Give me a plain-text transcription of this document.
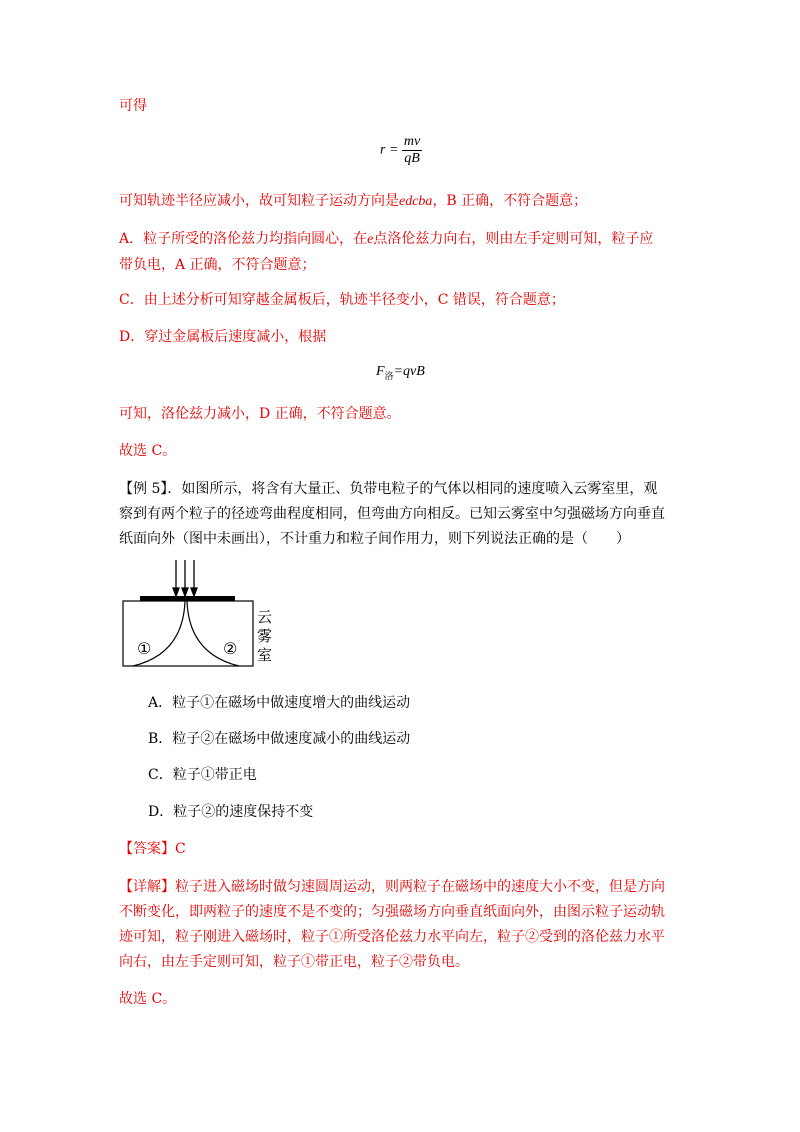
可得
$r = \frac{mv}{qB}$
可知轨迹半径应减小，故可知粒子运动方向是edcba，B 正确，不符合题意；
A．粒子所受的洛伦兹力均指向圆心，在e点洛伦兹力向右，则由左手定则可知，粒子应
带负电，A 正确，不符合题意；
C．由上述分析可知穿越金属板后，轨迹半径变小，C 错误，符合题意；
D．穿过金属板后速度减小，根据
$F_洛=qvB$
可知，洛伦兹力减小，D 正确，不符合题意。
故选 C。
【例 5】．如图所示，将含有大量正、负带电粒子的气体以相同的速度喷入云雾室里，观
察到有两个粒子的径迹弯曲程度相同，但弯曲方向相反。已知云雾室中匀强磁场方向垂直
纸面向外（图中未画出），不计重力和粒子间作用力，则下列说法正确的是（　　）
①	②
云
雾
室
A．粒子①在磁场中做速度增大的曲线运动
B．粒子②在磁场中做速度减小的曲线运动
C．粒子①带正电
D．粒子②的速度保持不变
【答案】C
【详解】粒子进入磁场时做匀速圆周运动，则两粒子在磁场中的速度大小不变，但是方向
不断变化，即两粒子的速度不是不变的；匀强磁场方向垂直纸面向外，由图示粒子运动轨
迹可知，粒子刚进入磁场时，粒子①所受洛伦兹力水平向左，粒子②受到的洛伦兹力水平
向右，由左手定则可知，粒子①带正电，粒子②带负电。
故选 C。
